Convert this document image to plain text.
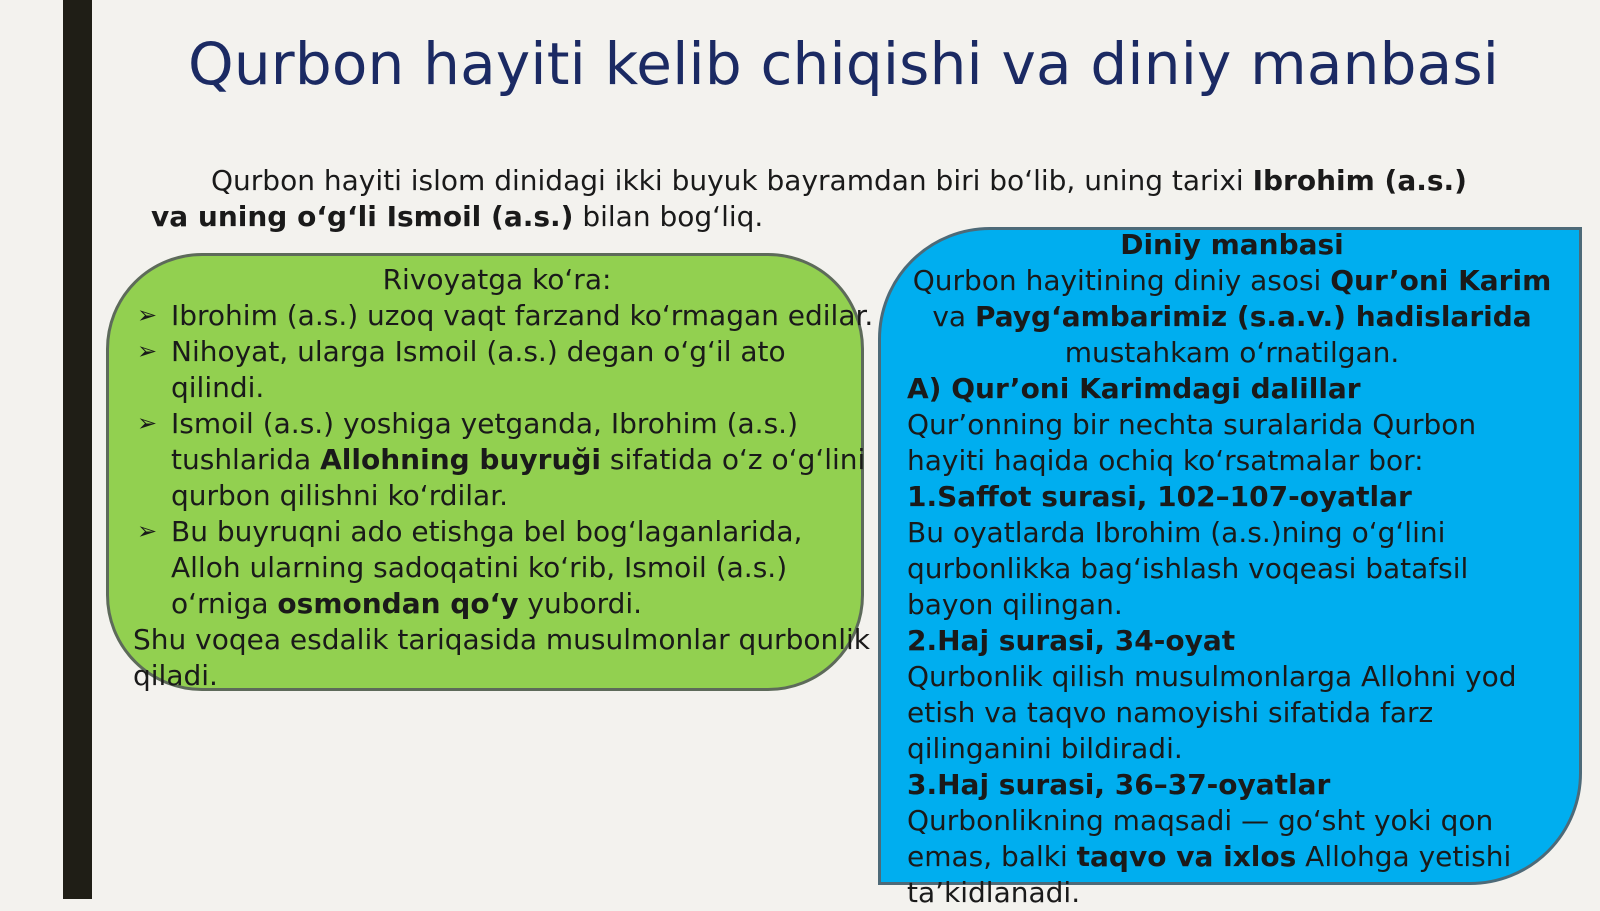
Qurbon hayiti kelib chiqishi va diniy manbasi
Qurbon hayiti islom dinidagi ikki buyuk bayramdan biri bo‘lib, uning tarixi Ibrohim (a.s.) va uning o‘g‘li Ismoil (a.s.) bilan bog‘liq.
Rivoyatga ko‘ra:
➢ Ibrohim (a.s.) uzoq vaqt farzand ko‘rmagan edilar.
➢ Nihoyat, ularga Ismoil (a.s.) degan o‘g‘il ato qilindi.
➢ Ismoil (a.s.) yoshiga yetganda, Ibrohim (a.s.) tushlarida Allohning buyruği sifatida o‘z o‘g‘lini qurbon qilishni ko‘rdilar.
➢ Bu buyruqni ado etishga bel bog‘laganlarida, Alloh ularning sadoqatini ko‘rib, Ismoil (a.s.) o‘rniga osmondan qo‘y yubordi.
Shu voqea esdalik tariqasida musulmonlar qurbonlik qiladi.
Diniy manbasi
Qurbon hayitining diniy asosi Qur’oni Karim va Payg‘ambarimiz (s.a.v.) hadislarida mustahkam o‘rnatilgan.
A) Qur’oni Karimdagi dalillar
Qur’onning bir nechta suralarida Qurbon hayiti haqida ochiq ko‘rsatmalar bor:
1.Saffot surasi, 102–107-oyatlar
Bu oyatlarda Ibrohim (a.s.)ning o‘g‘lini qurbonlikka bag‘ishlash voqeasi batafsil bayon qilingan.
2.Haj surasi, 34-oyat
Qurbonlik qilish musulmonlarga Allohni yod etish va taqvo namoyishi sifatida farz qilinganini bildiradi.
3.Haj surasi, 36–37-oyatlar
Qurbonlikning maqsadi — go‘sht yoki qon emas, balki taqvo va ixlos Allohga yetishi ta’kidlanadi.
